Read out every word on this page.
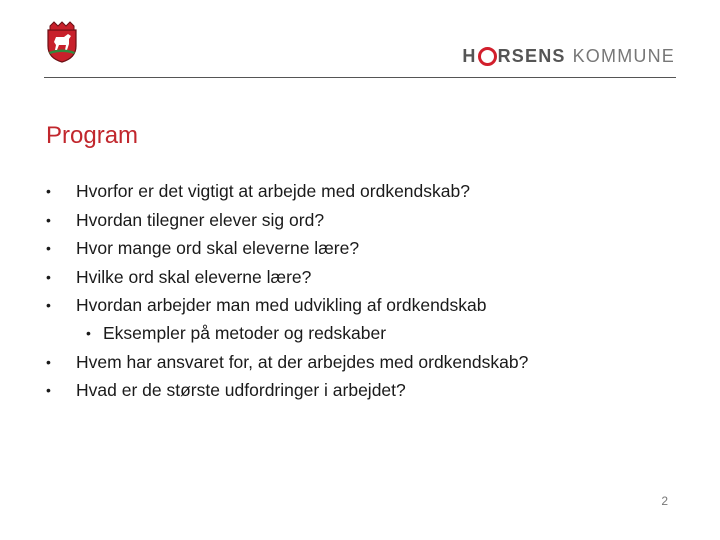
H RSENS KOMMUNE
Program
• Hvorfor er det vigtigt at arbejde med ordkendskab?
• Hvordan tilegner elever sig ord?
• Hvor mange ord skal eleverne lære?
• Hvilke ord skal eleverne lære?
• Hvordan arbejder man med udvikling af ordkendskab
• Eksempler på metoder og redskaber
• Hvem har ansvaret for, at der arbejdes med ordkendskab?
• Hvad er de største udfordringer i arbejdet?
2
